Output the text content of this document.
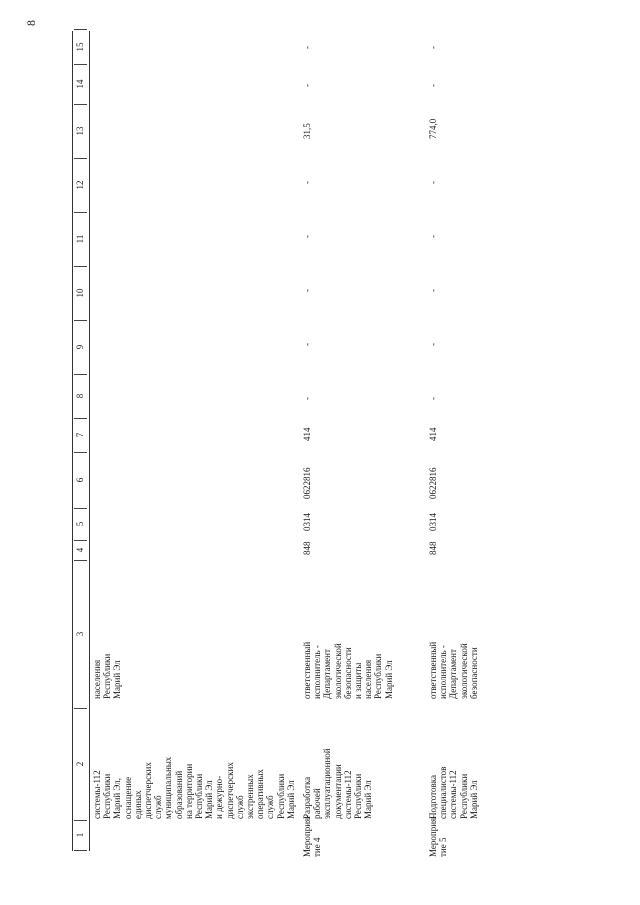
8
1
2
3
4
5
6
7
8
9
10
11
12
13
14
15
системы-112
Республики
Марий Эл,
оснащение
единых
диспетчерских
служб
муниципальных
образований
на территории
Республики
Марий Эл
и дежурно-
диспетчерских
служб
экстренных
оперативных
служб
Республики
Марий Эл
населения
Республики
Марий Эл
Мероприя-
тие 4
Разработка
рабочей
эксплуатационной
документации
системы-112
Республики
Марий Эл
ответственный
исполнитель -
Департамент
экологической
безопасности
и защиты
населения
Республики
Марий Эл
848
0314
0622816
414
-
-
-
-
-
31,5
-
-
Мероприя-
тие 5
Подготовка
специалистов
системы-112
Республики
Марий Эл
ответственный
исполнитель -
Департамент
экологической
безопасности
848
0314
0622816
414
-
-
-
-
-
774,0
-
-
